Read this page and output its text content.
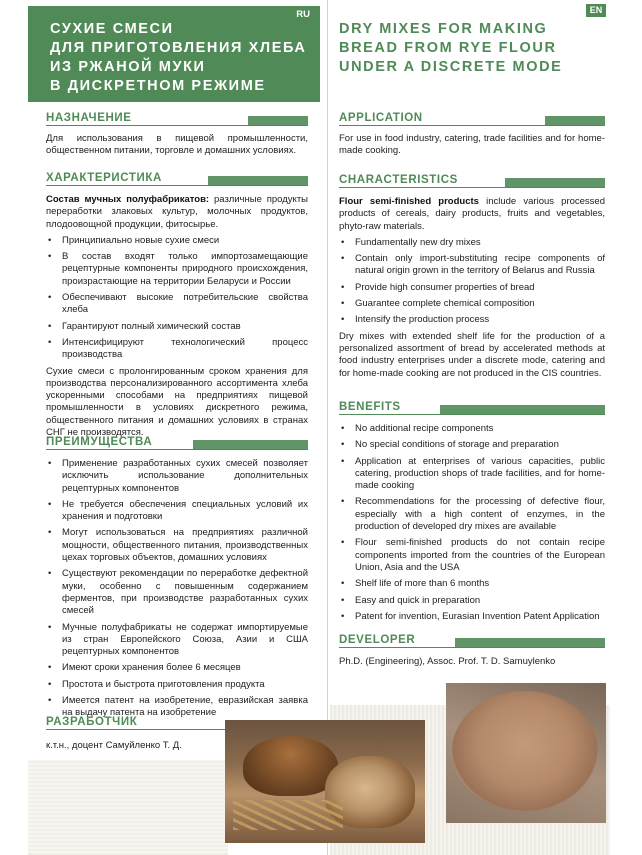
RU
СУХИЕ СМЕСИ
ДЛЯ ПРИГОТОВЛЕНИЯ ХЛЕБА
ИЗ РЖАНОЙ МУКИ
В ДИСКРЕТНОМ РЕЖИМЕ
EN
DRY MIXES FOR MAKING
BREAD FROM RYE FLOUR
UNDER A DISCRETE MODE
НАЗНАЧЕНИЕ
Для использования в пищевой промышленности, общественном питании, торговле и домашних условиях.
ХАРАКТЕРИСТИКА

Состав мучных полуфабрикатов: различные продукты переработки злаковых культур, молочных продуктов, плодоовощной продукции, фитосырье.

• Принципиально новые сухие смеси
• В состав входят только импортозамещающие рецептурные компоненты природного происхождения, произрастающие на территории Беларуси и России
• Обеспечивают высокие потребительские свойства хлеба
• Гарантируют полный химический состав
• Интенсифицируют технологический процесс производства

Сухие смеси с пролонгированным сроком хранения для производства персонализированного ассортимента хлеба ускоренными способами на предприятиях пищевой промышленности в условиях дискретного режима, общественного питания и домашних условиях в странах СНГ не производятся.

ПРЕИМУЩЕСТВА
• Применение разработанных сухих смесей позволяет исключить использование дополнительных рецептурных компонентов
• Не требуется обеспечения специальных условий их хранения и подготовки
• Могут использоваться на предприятиях различной мощности, общественного питания, производственных цехах торговых объектов, домашних условиях
• Существуют рекомендации по переработке дефектной муки, особенно с повышенным содержанием ферментов, при производстве разработанных сухих смесей
• Мучные полуфабрикаты не содержат импортируемые из стран Европейского Союза, Азии и США рецептурных компонентов
• Имеют сроки хранения более 6 месяцев
• Простота и быстрота приготовления продукта
• Имеется патент на изобретение, евразийская заявка на выдачу патента на изобретение
РАЗРАБОТЧИК
к.т.н., доцент Самуйленко Т. Д.
APPLICATION
For use in food industry, catering, trade facilities and for home-made cooking.
CHARACTERISTICS

Flour semi-finished products include various processed products of cereals, dairy products, fruits and vegetables, phyto-raw materials.

• Fundamentally new dry mixes
• Contain only import-substituting recipe components of natural origin grown in the territory of Belarus and Russia
• Provide high consumer properties of bread
• Guarantee complete chemical composition
• Intensify the production process

Dry mixes with extended shelf life for the production of a personalized assortment of bread by accelerated methods at food industry enterprises under a discrete mode, catering and for home-made cooking are not produced in the CIS countries.

BENEFITS
• No additional recipe components
• No special conditions of storage and preparation
• Application at enterprises of various capacities, public catering, production shops of trade facilities, and for home-made cooking
• Recommendations for the processing of defective flour, especially with a high content of enzymes, in the production of developed dry mixes are available
• Flour semi-finished products do not contain recipe components imported from the countries of the European Union, Asia and the USA
• Shelf life of more than 6 months
• Easy and quick in preparation
• Patent for invention, Eurasian Invention Patent Application
DEVELOPER
Ph.D. (Engineering), Assoc. Prof. T. D. Samuylenko
